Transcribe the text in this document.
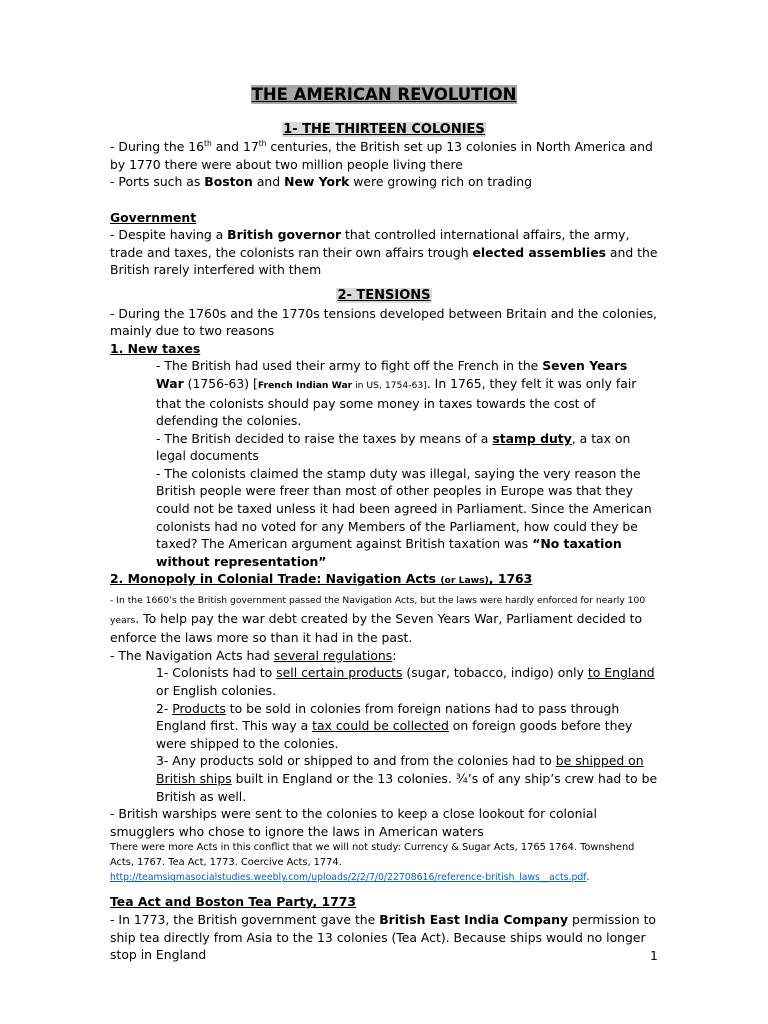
THE AMERICAN REVOLUTION

1- THE THIRTEEN COLONIES

- During the 16th and 17th centuries, the British set up 13 colonies in North America and by 1770 there were about two million people living there

- Ports such as Boston and New York were growing rich on trading

Government

- Despite having a British governor that controlled international affairs, the army, trade and taxes, the colonists ran their own affairs trough elected assemblies and the British rarely interfered with them

2- TENSIONS

- During the 1760s and the 1770s tensions developed between Britain and the colonies, mainly due to two reasons

1. New taxes

- The British had used their army to fight off the French in the Seven Years War (1756-63) [French Indian War in US, 1754-63]. In 1765, they felt it was only fair that the colonists should pay some money in taxes towards the cost of defending the colonies.

- The British decided to raise the taxes by means of a stamp duty, a tax on legal documents

- The colonists claimed the stamp duty was illegal, saying the very reason the British people were freer than most of other peoples in Europe was that they could not be taxed unless it had been agreed in Parliament. Since the American colonists had no voted for any Members of the Parliament, how could they be taxed? The American argument against British taxation was “No taxation without representation”

2. Monopoly in Colonial Trade: Navigation Acts (or Laws), 1763

- In the 1660’s the British government passed the Navigation Acts, but the laws were hardly enforced for nearly 100 years. To help pay the war debt created by the Seven Years War, Parliament decided to enforce the laws more so than it had in the past.

- The Navigation Acts had several regulations:

1- Colonists had to sell certain products (sugar, tobacco, indigo) only to England or English colonies.

2- Products to be sold in colonies from foreign nations had to pass through England first. This way a tax could be collected on foreign goods before they were shipped to the colonies.

3- Any products sold or shipped to and from the colonies had to be shipped on British ships built in England or the 13 colonies. ¾’s of any ship’s crew had to be British as well.

- British warships were sent to the colonies to keep a close lookout for colonial smugglers who chose to ignore the laws in American waters

There were more Acts in this conflict that we will not study: Currency & Sugar Acts, 1765 1764. Townshend Acts, 1767. Tea Act, 1773. Coercive Acts, 1774.

http://teamsigmasocialstudies.weebly.com/uploads/2/2/7/0/22708616/reference-british_laws__acts.pdf.

Tea Act and Boston Tea Party, 1773

- In 1773, the British government gave the British East India Company permission to ship tea directly from Asia to the 13 colonies (Tea Act). Because ships would no longer stop in England	1
